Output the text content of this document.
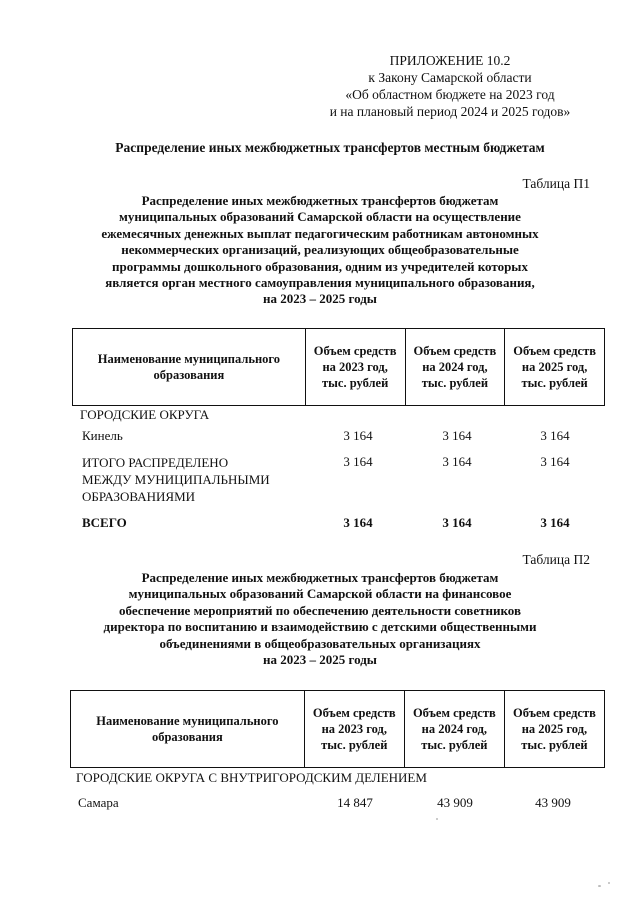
ПРИЛОЖЕНИЕ 10.2
к Закону Самарской области
«Об областном бюджете на 2023 год
и на плановый период 2024 и 2025 годов»
Распределение иных межбюджетных трансфертов местным бюджетам
Таблица П1
Распределение иных межбюджетных трансфертов бюджетам
муниципальных образований Самарской области на осуществление
ежемесячных денежных выплат педагогическим работникам автономных
некоммерческих организаций, реализующих общеобразовательные
программы дошкольного образования, одним из учредителей которых
является орган местного самоуправления муниципального образования,
на 2023 – 2025 годы
Наименование муниципального образования	Объем средств на 2023 год, тыс. рублей	Объем средств на 2024 год, тыс. рублей	Объем средств на 2025 год, тыс. рублей
ГОРОДСКИЕ ОКРУГА
Кинель	3 164	3 164	3 164
ИТОГО РАСПРЕДЕЛЕНО
МЕЖДУ МУНИЦИПАЛЬНЫМИ
ОБРАЗОВАНИЯМИ
3 164	3 164	3 164
ВСЕГО	3 164	3 164	3 164
Таблица П2
Распределение иных межбюджетных трансфертов бюджетам
муниципальных образований Самарской области на финансовое
обеспечение мероприятий по обеспечению деятельности советников
директора по воспитанию и взаимодействию с детскими общественными
объединениями в общеобразовательных организациях
на 2023 – 2025 годы
Наименование муниципального образования	Объем средств на 2023 год, тыс. рублей	Объем средств на 2024 год, тыс. рублей	Объем средств на 2025 год, тыс. рублей
ГОРОДСКИЕ ОКРУГА С ВНУТРИГОРОДСКИМ ДЕЛЕНИЕМ
Самара	14 847	43 909	43 909
